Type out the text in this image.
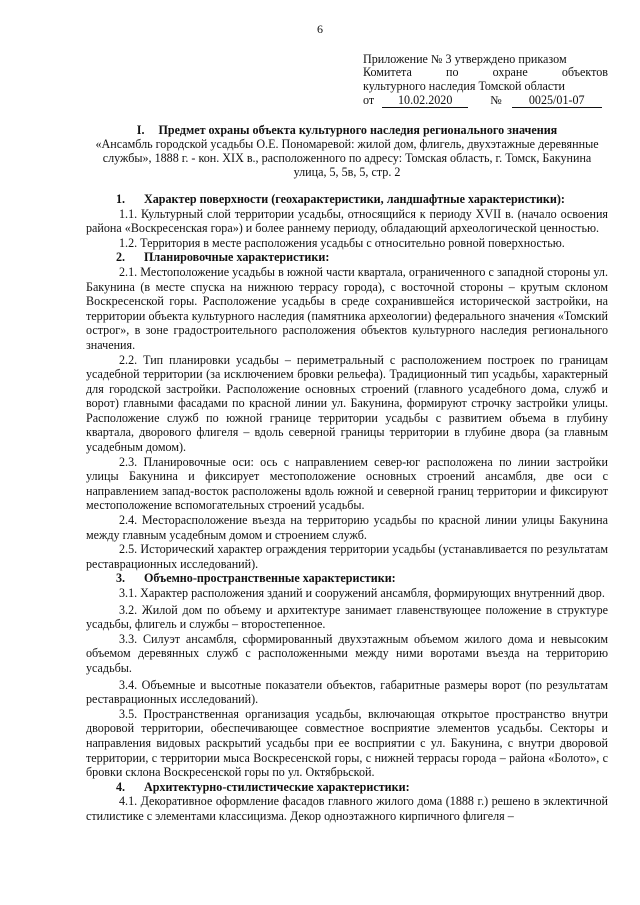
6
Приложение № 3 утверждено приказом
Комитета по охране объектов
культурного наследия Томской области
от	10.02.2020	№	0025/01-07
I. Предмет охраны объекта культурного наследия регионального значения
«Ансамбль городской усадьбы О.Е. Пономаревой: жилой дом, флигель, двухэтажные деревянные службы», 1888 г. - кон. XIX в., расположенного по адресу: Томская область, г. Томск, Бакунина улица, 5, 5в, 5, стр. 2
1.	Характер поверхности (геохарактеристики, ландшафтные характеристики):

1.1. Культурный слой территории усадьбы, относящийся к периоду XVII в. (начало освоения района «Воскресенская гора») и более раннему периоду, обладающий археологической ценностью.

1.2. Территория в месте расположения усадьбы с относительно ровной поверхностью.

2.	Планировочные характеристики:

2.1. Местоположение усадьбы в южной части квартала, ограниченного с западной стороны ул. Бакунина (в месте спуска на нижнюю террасу города), с восточной стороны – крутым склоном Воскресенской горы. Расположение усадьбы в среде сохранившейся исторической застройки, на территории объекта культурного наследия (памятника археологии) федерального значения «Томский острог», в зоне градостроительного расположения объектов культурного наследия регионального значения.

2.2. Тип планировки усадьбы – периметральный с расположением построек по границам усадебной территории (за исключением бровки рельефа). Традиционный тип усадьбы, характерный для городской застройки. Расположение основных строений (главного усадебного дома, служб и ворот) главными фасадами по красной линии ул. Бакунина, формируют строчку застройки улицы. Расположение служб по южной границе территории усадьбы с развитием объема в глубину квартала, дворового флигеля – вдоль северной границы территории в глубине двора (за главным усадебным домом).

2.3. Планировочные оси: ось с направлением север-юг расположена по линии застройки улицы Бакунина и фиксирует местоположение основных строений ансамбля, две оси с направлением запад-восток расположены вдоль южной и северной границ территории и фиксируют местоположение вспомогательных строений усадьбы.

2.4. Месторасположение въезда на территорию усадьбы по красной линии улицы Бакунина между главным усадебным домом и строением служб.

2.5. Исторический характер ограждения территории усадьбы (устанавливается по результатам реставрационных исследований).

3.	Объемно-пространственные характеристики:

3.1. Характер расположения зданий и сооружений ансамбля, формирующих внутренний двор.

3.2. Жилой дом по объему и архитектуре занимает главенствующее положение в структуре усадьбы, флигель и службы – второстепенное.

3.3. Силуэт ансамбля, сформированный двухэтажным объемом жилого дома и невысоким объемом деревянных служб с расположенными между ними воротами въезда на территорию усадьбы.

3.4. Объемные и высотные показатели объектов, габаритные размеры ворот (по результатам реставрационных исследований).

3.5. Пространственная организация усадьбы, включающая открытое пространство внутри дворовой территории, обеспечивающее совместное восприятие элементов усадьбы. Секторы и направления видовых раскрытий усадьбы при ее восприятии с ул. Бакунина, с внутри дворовой территории, с территории мыса Воскресенской горы, с нижней террасы города – района «Болото», с бровки склона Воскресенской горы по ул. Октябрьской.

4.	Архитектурно-стилистические характеристики:

4.1. Декоративное оформление фасадов главного жилого дома (1888 г.) решено в эклектичной стилистике с элементами классицизма. Декор одноэтажного кирпичного флигеля –
